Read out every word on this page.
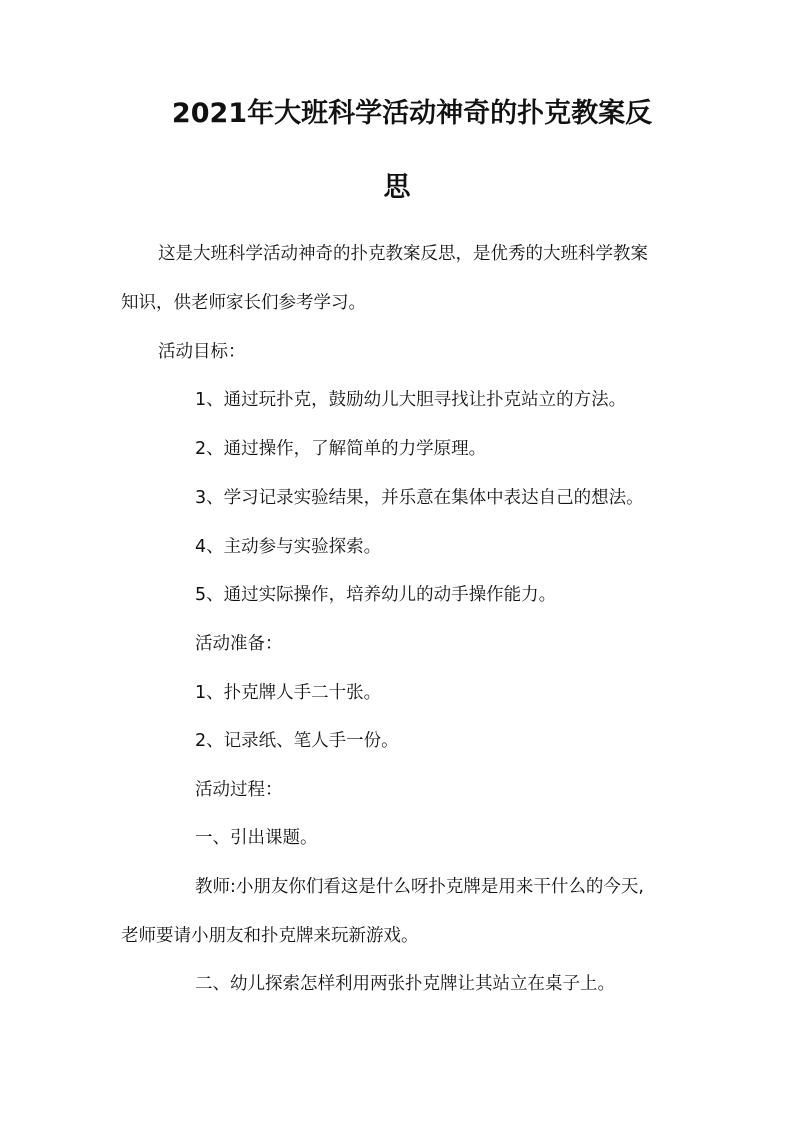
2021年大班科学活动神奇的扑克教案反
思
这是大班科学活动神奇的扑克教案反思，是优秀的大班科学教案
知识，供老师家长们参考学习。
活动目标：
1、通过玩扑克，鼓励幼儿大胆寻找让扑克站立的方法。
2、通过操作，了解简单的力学原理。
3、学习记录实验结果，并乐意在集体中表达自己的想法。
4、主动参与实验探索。
5、通过实际操作，培养幼儿的动手操作能力。
活动准备：
1、扑克牌人手二十张。
2、记录纸、笔人手一份。
活动过程：
一、引出课题。
教师:小朋友你们看这是什么呀扑克牌是用来干什么的今天,
老师要请小朋友和扑克牌来玩新游戏。
二、幼儿探索怎样利用两张扑克牌让其站立在桌子上。
